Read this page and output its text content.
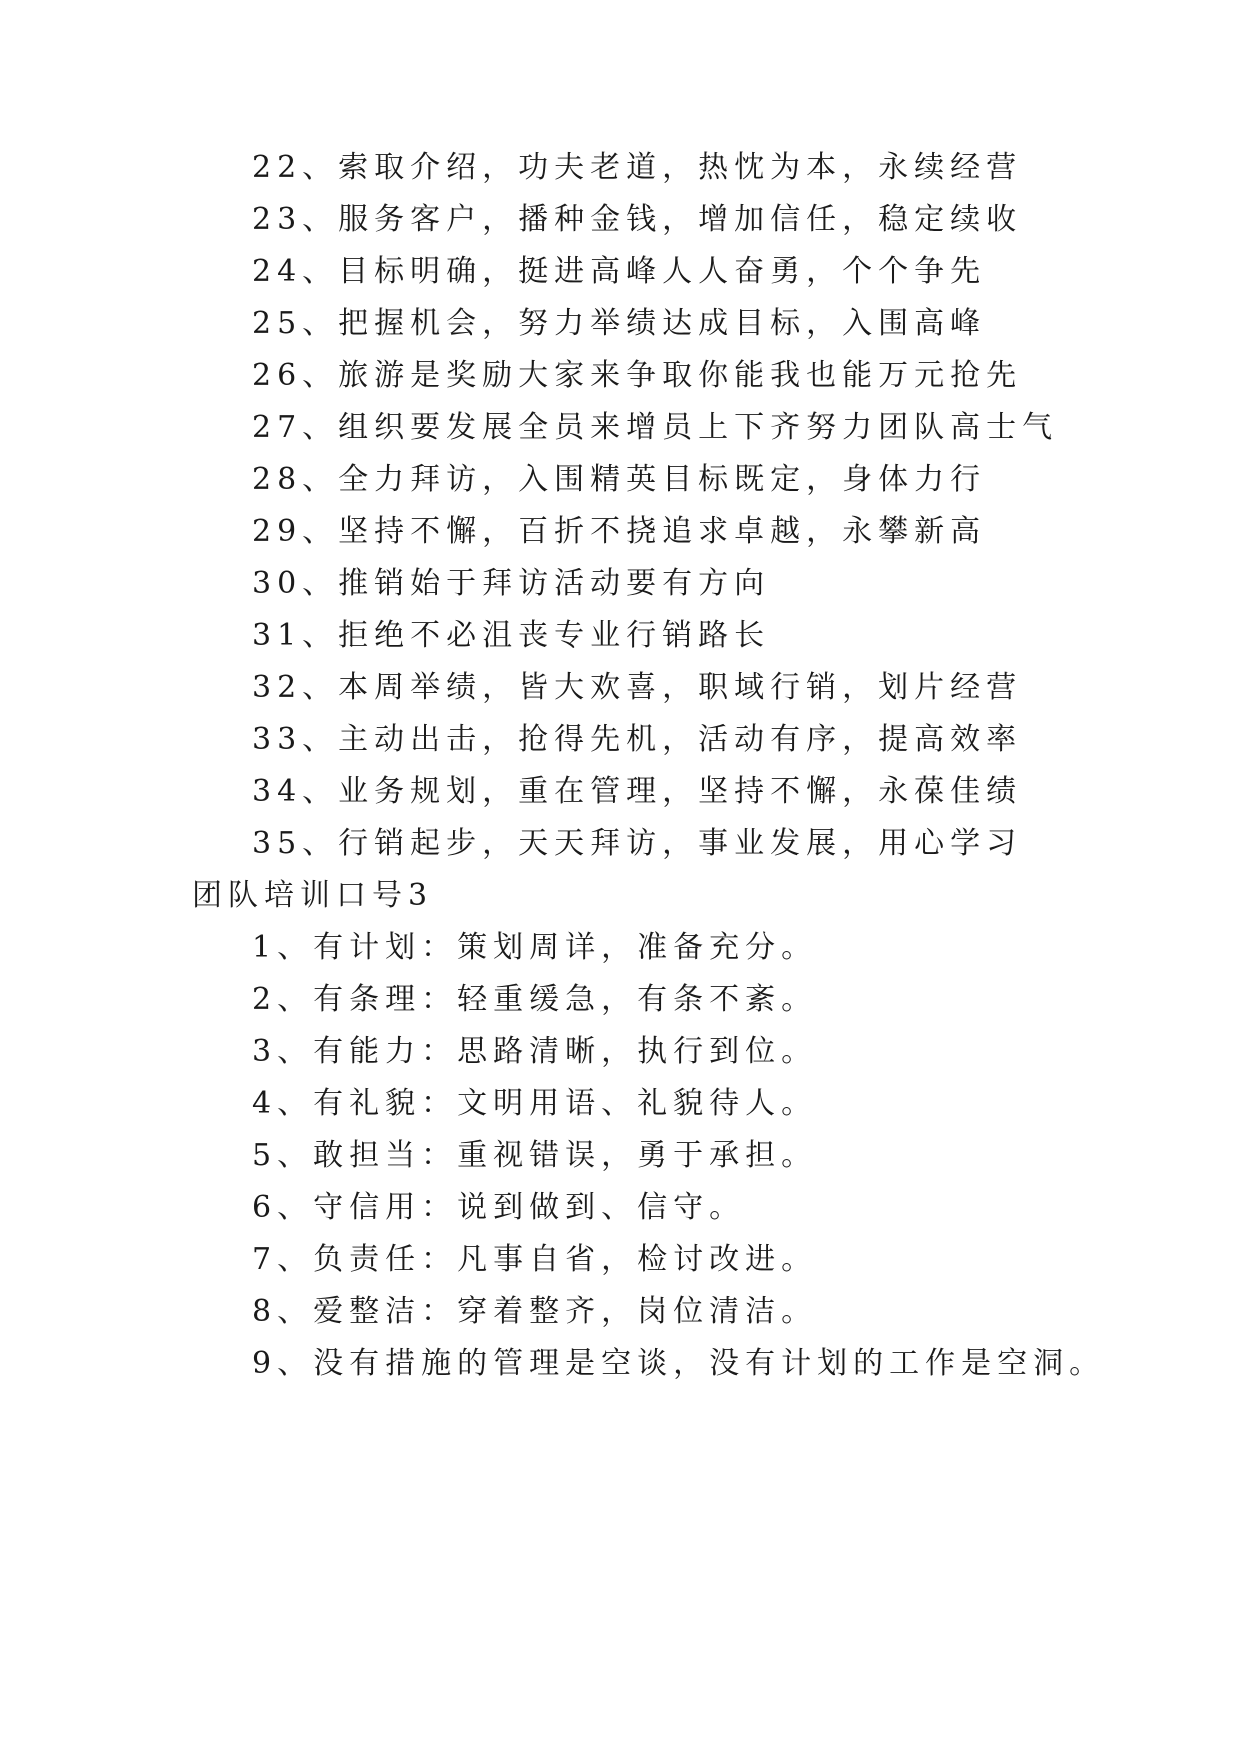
22、索取介绍，功夫老道，热忱为本，永续经营
23、服务客户，播种金钱，增加信任，稳定续收
24、目标明确，挺进高峰人人奋勇，个个争先
25、把握机会，努力举绩达成目标，入围高峰
26、旅游是奖励大家来争取你能我也能万元抢先
27、组织要发展全员来增员上下齐努力团队高士气
28、全力拜访，入围精英目标既定，身体力行
29、坚持不懈，百折不挠追求卓越，永攀新高
30、推销始于拜访活动要有方向
31、拒绝不必沮丧专业行销路长
32、本周举绩，皆大欢喜，职域行销，划片经营
33、主动出击，抢得先机，活动有序，提高效率
34、业务规划，重在管理，坚持不懈，永葆佳绩
35、行销起步，天天拜访，事业发展，用心学习
团队培训口号3
1、有计划：策划周详，准备充分。
2、有条理：轻重缓急，有条不紊。
3、有能力：思路清晰，执行到位。
4、有礼貌：文明用语、礼貌待人。
5、敢担当：重视错误，勇于承担。
6、守信用：说到做到、信守。
7、负责任：凡事自省，检讨改进。
8、爱整洁：穿着整齐，岗位清洁。
9、没有措施的管理是空谈，没有计划的工作是空洞。
